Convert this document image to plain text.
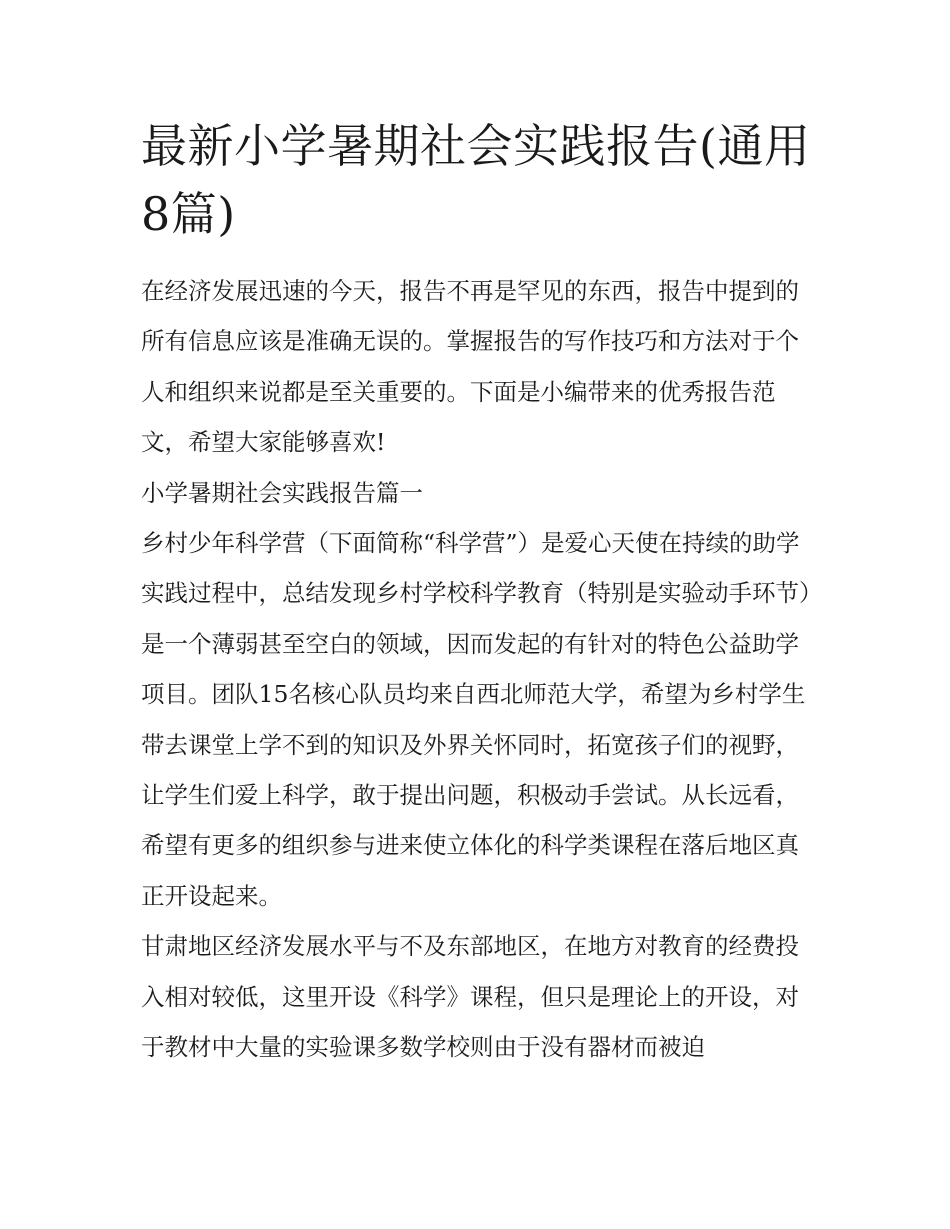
最新小学暑期社会实践报告(通用8篇)

在经济发展迅速的今天，报告不再是罕见的东西，报告中提到的所有信息应该是准确无误的。掌握报告的写作技巧和方法对于个人和组织来说都是至关重要的。下面是小编带来的优秀报告范文，希望大家能够喜欢!

小学暑期社会实践报告篇一

乡村少年科学营（下面简称“科学营”）是爱心天使在持续的助学实践过程中，总结发现乡村学校科学教育（特别是实验动手环节）是一个薄弱甚至空白的领域，因而发起的有针对的特色公益助学项目。团队15名核心队员均来自西北师范大学，希望为乡村学生带去课堂上学不到的知识及外界关怀同时，拓宽孩子们的视野，让学生们爱上科学，敢于提出问题，积极动手尝试。从长远看，希望有更多的组织参与进来使立体化的科学类课程在落后地区真正开设起来。

甘肃地区经济发展水平与不及东部地区，在地方对教育的经费投入相对较低，这里开设《科学》课程，但只是理论上的开设，对于教材中大量的实验课多数学校则由于没有器材而被迫
